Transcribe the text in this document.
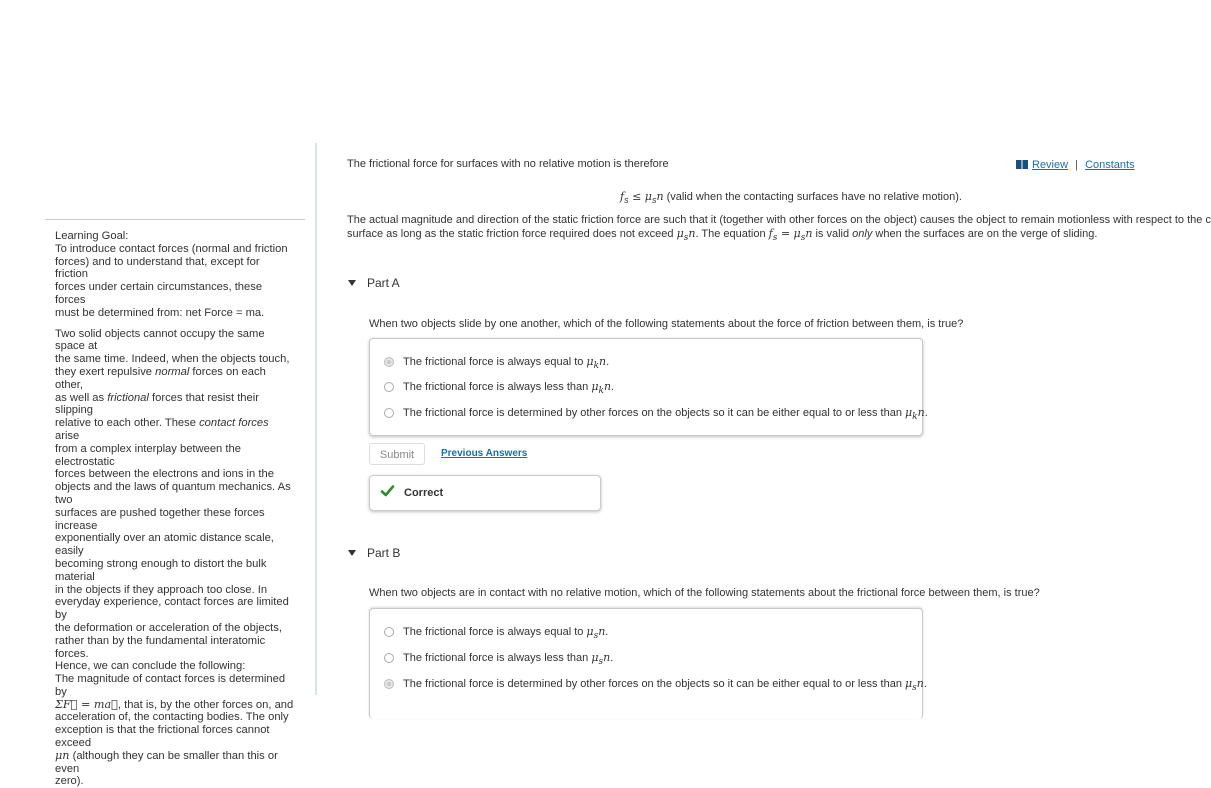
Review | Constants

Learning Goal:

To introduce contact forces (normal and friction

forces) and to understand that, except for friction

forces under certain circumstances, these forces

must be determined from: net Force = ma.

Two solid objects cannot occupy the same space at

the same time. Indeed, when the objects touch,

they exert repulsive normal forces on each other,

as well as frictional forces that resist their slipping

relative to each other. These contact forces arise

from a complex interplay between the electrostatic

forces between the electrons and ions in the

objects and the laws of quantum mechanics. As two

surfaces are pushed together these forces increase

exponentially over an atomic distance scale, easily

becoming strong enough to distort the bulk material

in the objects if they approach too close. In

everyday experience, contact forces are limited by

the deformation or acceleration of the objects,

rather than by the fundamental interatomic forces.

Hence, we can conclude the following:

The magnitude of contact forces is determined by

ΣF⃗ = ma⃗, that is, by the other forces on, and

acceleration of, the contacting bodies. The only

exception is that the frictional forces cannot exceed

μn (although they can be smaller than this or even

zero).

The frictional force for surfaces with no relative motion is therefore
$f_s \le \mu_sn$ (valid when the contacting surfaces have no relative motion).
The actual magnitude and direction of the static friction force are such that it (together with other forces on the object) causes the object to remain motionless with respect to the c
surface as long as the static friction force required does not exceed $\mu_sn$. The equation $f_s = \mu_sn$ is valid only when the surfaces are on the verge of sliding.
Part A
When two objects slide by one another, which of the following statements about the force of friction between them, is true?
The frictional force is always equal to $\mu_kn$.
The frictional force is always less than $\mu_kn$.
The frictional force is determined by other forces on the objects so it can be either equal to or less than $\mu_kn$.
Submit	Previous Answers
Correct
Part B
When two objects are in contact with no relative motion, which of the following statements about the frictional force between them, is true?
The frictional force is always equal to $\mu_sn$.
The frictional force is always less than $\mu_sn$.
The frictional force is determined by other forces on the objects so it can be either equal to or less than $\mu_sn$.
